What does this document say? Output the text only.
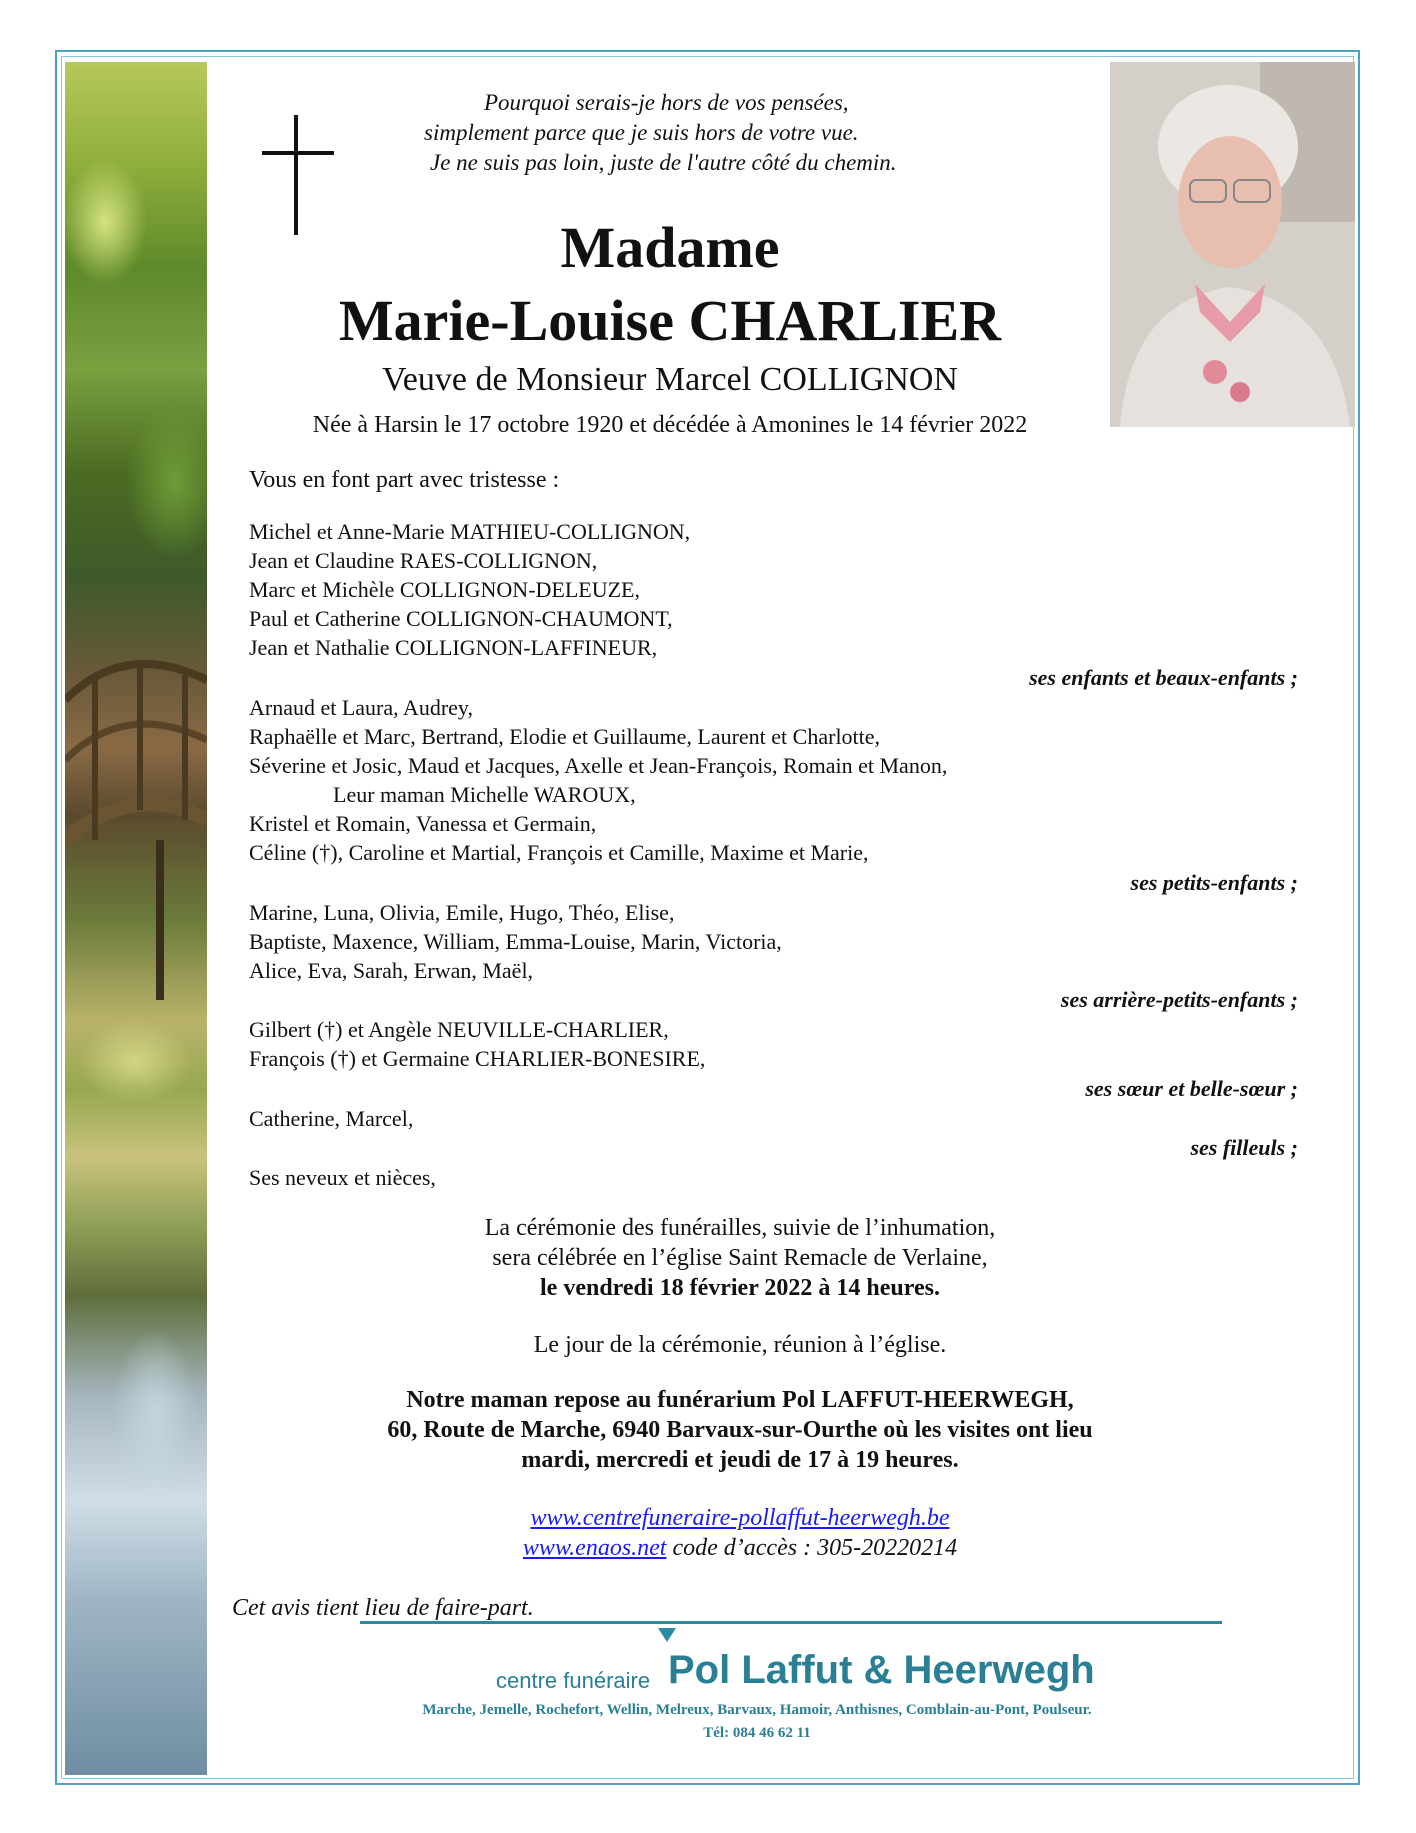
Pourquoi serais-je hors de vos pensées,
simplement parce que je suis hors de votre vue.
Je ne suis pas loin, juste de l'autre côté du chemin.
Madame
Marie-Louise CHARLIER
Veuve de Monsieur Marcel COLLIGNON
Née à Harsin le 17 octobre 1920 et décédée à Amonines le 14 février 2022
Vous en font part avec tristesse :
Michel et Anne-Marie MATHIEU-COLLIGNON,
Jean et Claudine RAES-COLLIGNON,
Marc et Michèle COLLIGNON-DELEUZE,
Paul et Catherine COLLIGNON-CHAUMONT,
Jean et Nathalie COLLIGNON-LAFFINEUR,
ses enfants et beaux-enfants ;
Arnaud et Laura, Audrey,
Raphaëlle et Marc, Bertrand, Elodie et Guillaume, Laurent et Charlotte,
Séverine et Josic, Maud et Jacques, Axelle et Jean-François, Romain et Manon,
Leur maman Michelle WAROUX,
Kristel et Romain, Vanessa et Germain,
Céline (†), Caroline et Martial, François et Camille, Maxime et Marie,
ses petits-enfants ;
Marine, Luna, Olivia, Emile, Hugo, Théo, Elise,
Baptiste, Maxence, William, Emma-Louise, Marin, Victoria,
Alice, Eva, Sarah, Erwan, Maël,
ses arrière-petits-enfants ;
Gilbert (†) et Angèle NEUVILLE-CHARLIER,
François (†) et Germaine CHARLIER-BONESIRE,
ses sœur et belle-sœur ;
Catherine, Marcel,
ses filleuls ;
Ses neveux et nièces,
La cérémonie des funérailles, suivie de l’inhumation,
sera célébrée en l’église Saint Remacle de Verlaine,
le vendredi 18 février 2022 à 14 heures.
Le jour de la cérémonie, réunion à l’église.
Notre maman repose au funérarium Pol LAFFUT-HEERWEGH,
60, Route de Marche, 6940 Barvaux-sur-Ourthe où les visites ont lieu
mardi, mercredi et jeudi de 17 à 19 heures.
www.centrefuneraire-pollaffut-heerwegh.be
www.enaos.net code d’accès : 305-20220214
Cet avis tient lieu de faire-part.
centre funéraire Pol Laffut & Heerwegh
Marche, Jemelle, Rochefort, Wellin, Melreux, Barvaux, Hamoir, Anthisnes, Comblain-au-Pont, Poulseur.
Tél: 084 46 62 11
